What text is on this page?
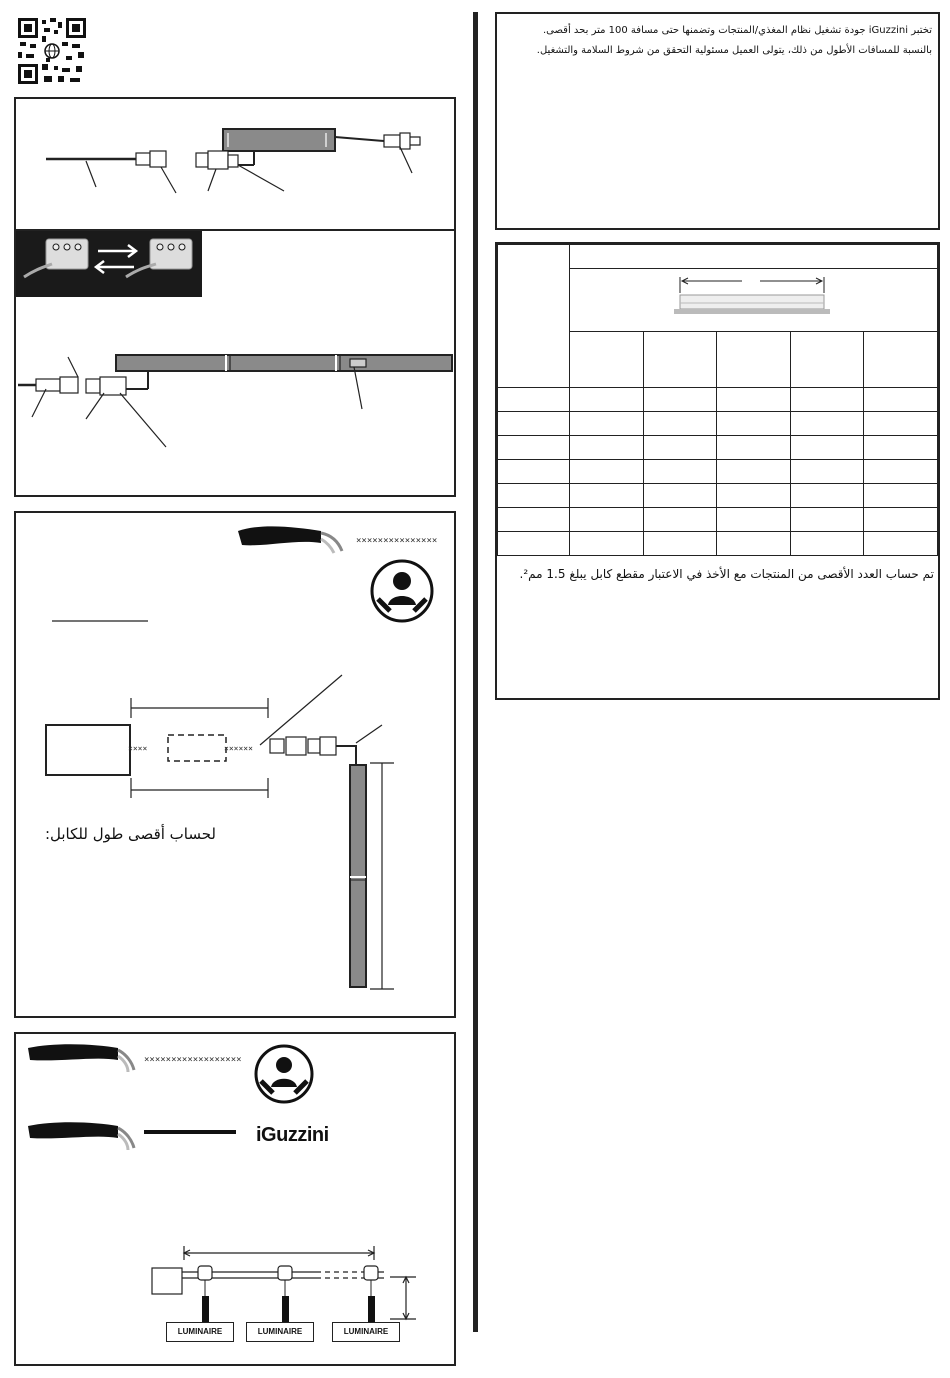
×××××××××××××××
××××	××××××
لحساب أقصى طول للكابل:
××××××××××××××××××
iGuzzini
LUMINAIRE	LUMINAIRE	LUMINAIRE
تختبر iGuzzini جودة تشغيل نظام المغذي/المنتجات وتضمنها حتى مسافة 100 متر بحد أقصى.
بالنسبة للمسافات الأطول من ذلك، يتولى العميل مسئولية التحقق من شروط السلامة والتشغيل.

تم حساب العدد الأقصى من المنتجات مع الأخذ في الاعتبار مقطع كابل يبلغ 1.5 مم².
